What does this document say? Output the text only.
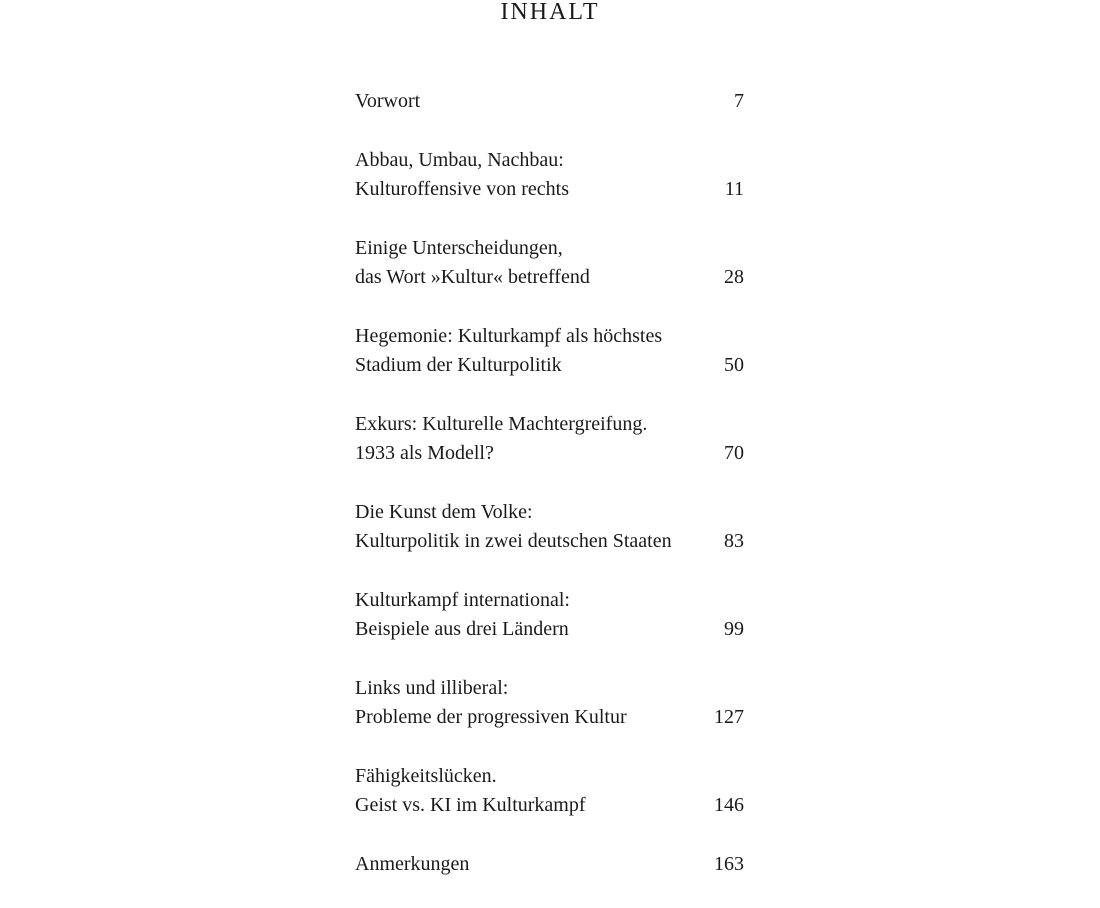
INHALT
Vorwort	7
Abbau, Umbau, Nachbau:
Kulturoffensive von rechts	11
Einige Unterscheidungen,
das Wort »Kultur« betreffend	28
Hegemonie: Kulturkampf als höchstes
Stadium der Kulturpolitik	50
Exkurs: Kulturelle Machtergreifung.
1933 als Modell?	70
Die Kunst dem Volke:
Kulturpolitik in zwei deutschen Staaten	83
Kulturkampf international:
Beispiele aus drei Ländern	99
Links und illiberal:
Probleme der progressiven Kultur	127
Fähigkeitslücken.
Geist vs. KI im Kulturkampf	146
Anmerkungen	163
